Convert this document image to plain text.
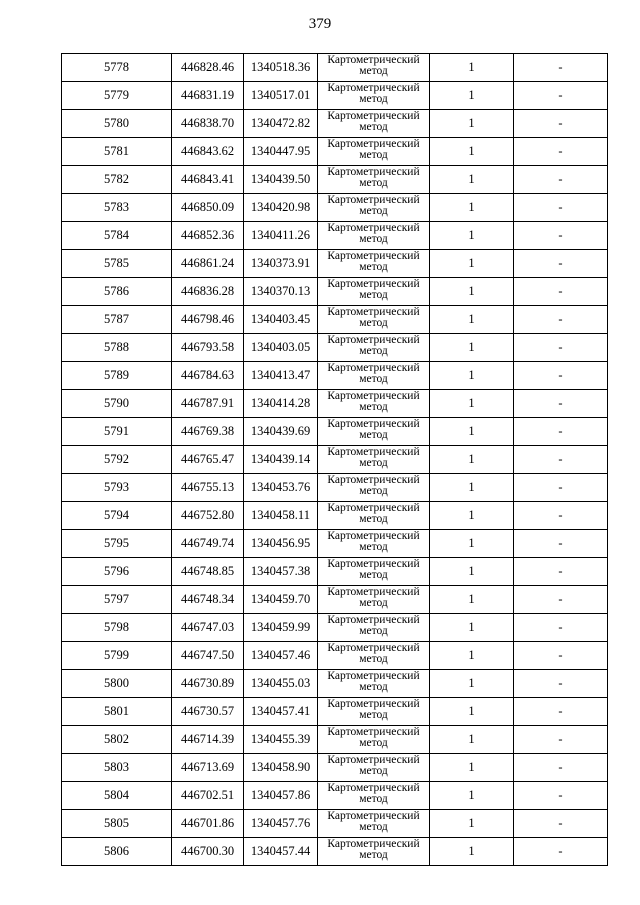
379
5778	446828.46	1340518.36	Картометрический метод	1	-
5779	446831.19	1340517.01	Картометрический метод	1	-
5780	446838.70	1340472.82	Картометрический метод	1	-
5781	446843.62	1340447.95	Картометрический метод	1	-
5782	446843.41	1340439.50	Картометрический метод	1	-
5783	446850.09	1340420.98	Картометрический метод	1	-
5784	446852.36	1340411.26	Картометрический метод	1	-
5785	446861.24	1340373.91	Картометрический метод	1	-
5786	446836.28	1340370.13	Картометрический метод	1	-
5787	446798.46	1340403.45	Картометрический метод	1	-
5788	446793.58	1340403.05	Картометрический метод	1	-
5789	446784.63	1340413.47	Картометрический метод	1	-
5790	446787.91	1340414.28	Картометрический метод	1	-
5791	446769.38	1340439.69	Картометрический метод	1	-
5792	446765.47	1340439.14	Картометрический метод	1	-
5793	446755.13	1340453.76	Картометрический метод	1	-
5794	446752.80	1340458.11	Картометрический метод	1	-
5795	446749.74	1340456.95	Картометрический метод	1	-
5796	446748.85	1340457.38	Картометрический метод	1	-
5797	446748.34	1340459.70	Картометрический метод	1	-
5798	446747.03	1340459.99	Картометрический метод	1	-
5799	446747.50	1340457.46	Картометрический метод	1	-
5800	446730.89	1340455.03	Картометрический метод	1	-
5801	446730.57	1340457.41	Картометрический метод	1	-
5802	446714.39	1340455.39	Картометрический метод	1	-
5803	446713.69	1340458.90	Картометрический метод	1	-
5804	446702.51	1340457.86	Картометрический метод	1	-
5805	446701.86	1340457.76	Картометрический метод	1	-
5806	446700.30	1340457.44	Картометрический метод	1	-
